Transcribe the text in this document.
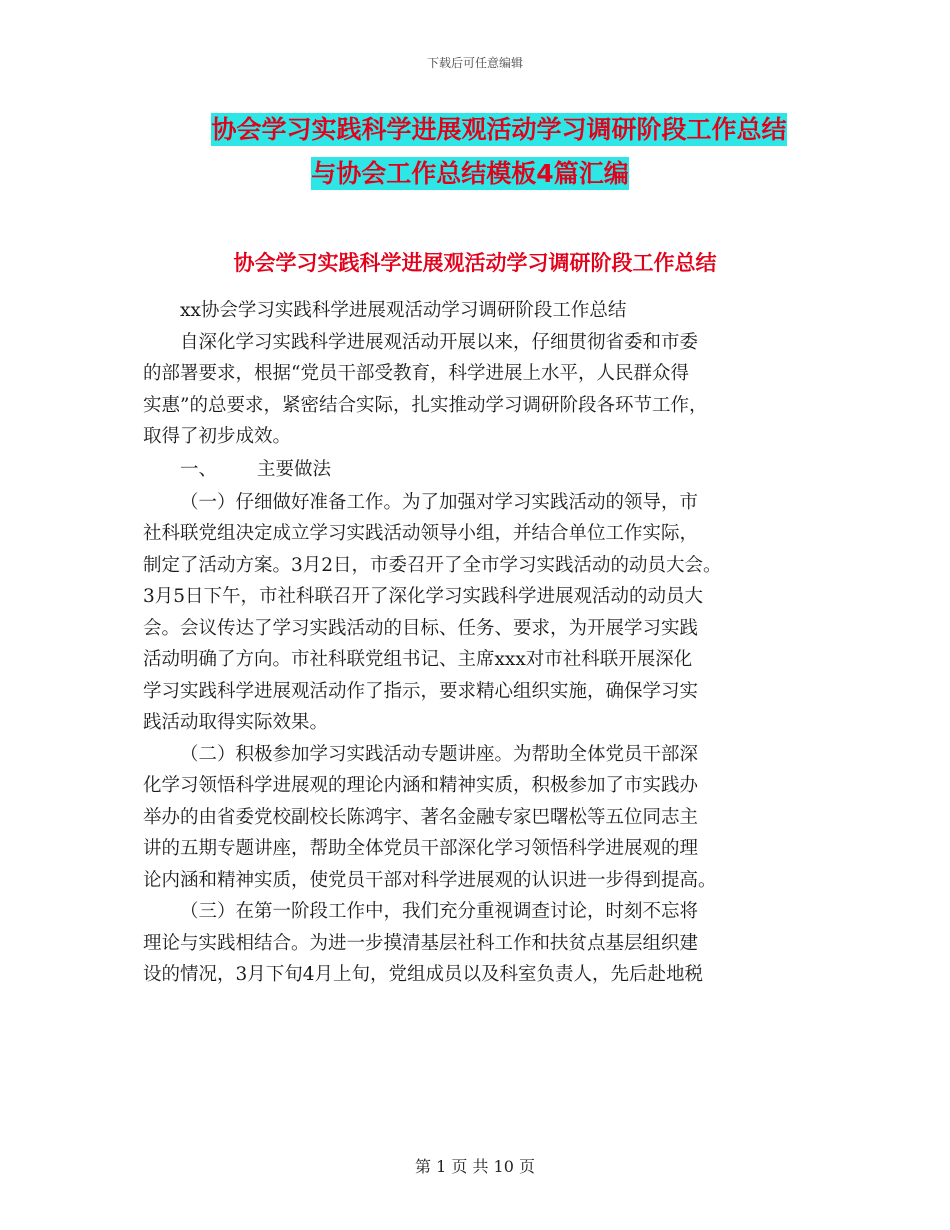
下载后可任意编辑
协会学习实践科学进展观活动学习调研阶段工作总结
与协会工作总结模板4篇汇编
协会学习实践科学进展观活动学习调研阶段工作总结
xx协会学习实践科学进展观活动学习调研阶段工作总结
自深化学习实践科学进展观活动开展以来，仔细贯彻省委和市委
的部署要求，根据“党员干部受教育，科学进展上水平，人民群众得
实惠”的总要求，紧密结合实际，扎实推动学习调研阶段各环节工作，
取得了初步成效。
一、 主要做法
（一）仔细做好准备工作。为了加强对学习实践活动的领导，市
社科联党组决定成立学习实践活动领导小组，并结合单位工作实际，
制定了活动方案。3月2日，市委召开了全市学习实践活动的动员大会。
3月5日下午，市社科联召开了深化学习实践科学进展观活动的动员大
会。会议传达了学习实践活动的目标、任务、要求，为开展学习实践
活动明确了方向。市社科联党组书记、主席xxx对市社科联开展深化
学习实践科学进展观活动作了指示，要求精心组织实施，确保学习实
践活动取得实际效果。
（二）积极参加学习实践活动专题讲座。为帮助全体党员干部深
化学习领悟科学进展观的理论内涵和精神实质，积极参加了市实践办
举办的由省委党校副校长陈鸿宇、著名金融专家巴曙松等五位同志主
讲的五期专题讲座，帮助全体党员干部深化学习领悟科学进展观的理
论内涵和精神实质，使党员干部对科学进展观的认识进一步得到提高。
（三）在第一阶段工作中，我们充分重视调查讨论，时刻不忘将
理论与实践相结合。为进一步摸清基层社科工作和扶贫点基层组织建
设的情况，3月下旬4月上旬，党组成员以及科室负责人，先后赴地税
第 1 页 共 10 页
